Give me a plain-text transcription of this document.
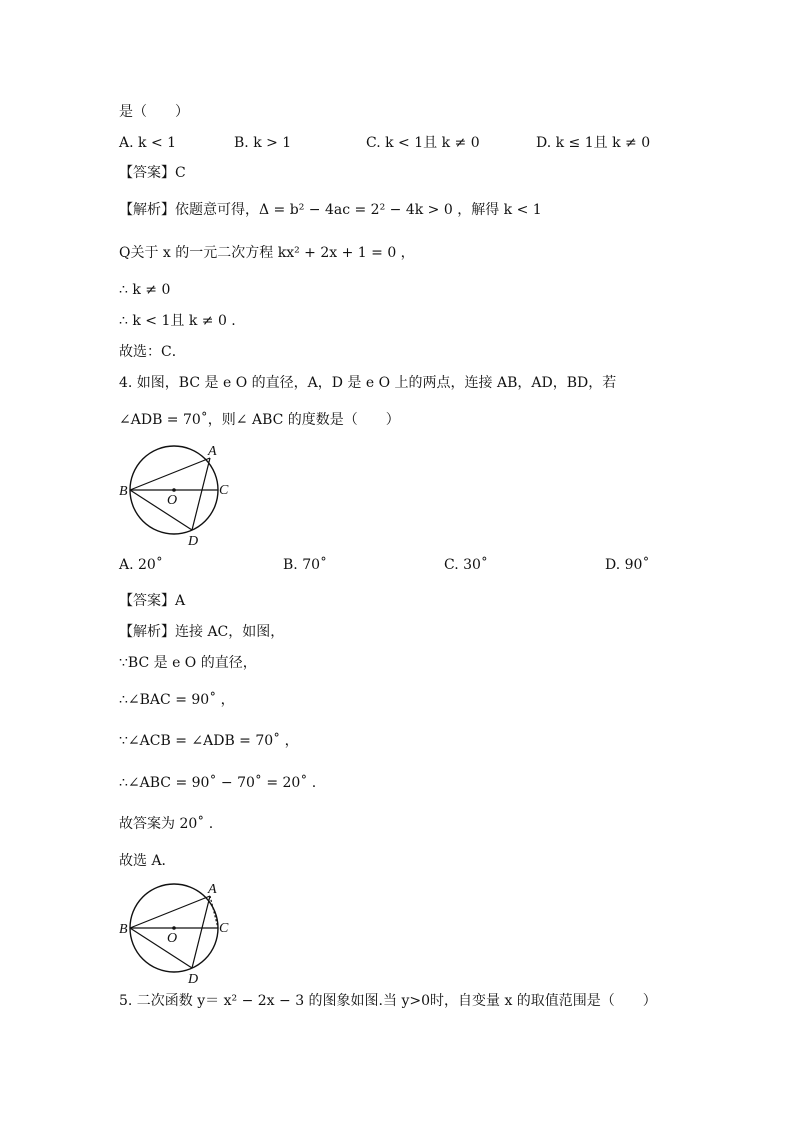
是（　　）
A. k < 1	B. k > 1	C. k < 1且 k ≠ 0	D. k ≤ 1且 k ≠ 0
【答案】C
【解析】依题意可得，Δ = b² − 4ac = 2² − 4k > 0 ，解得 k < 1
Q关于 x 的一元二次方程 kx² + 2x + 1 = 0 ，
∴ k ≠ 0
∴ k < 1且 k ≠ 0 .
故选：C．
4. 如图，BC 是 e O 的直径，A，D 是 e O 上的两点，连接 AB，AD，BD，若
∠ADB = 70˚，则∠ ABC 的度数是（　　）
A
B	C
D
O
A. 20˚	B. 70˚	C. 30˚	D. 90˚
【答案】A
【解析】连接 AC，如图，
∵BC 是 e O 的直径，
∴∠BAC = 90˚ ，
∵∠ACB = ∠ADB = 70˚ ，
∴∠ABC = 90˚ − 70˚ = 20˚ .
故答案为 20˚ .
故选 A．
A
B	C
D
O
5. 二次函数 y＝ x² − 2x − 3 的图象如图.当 y>0时，自变量 x 的取值范围是（　　）
